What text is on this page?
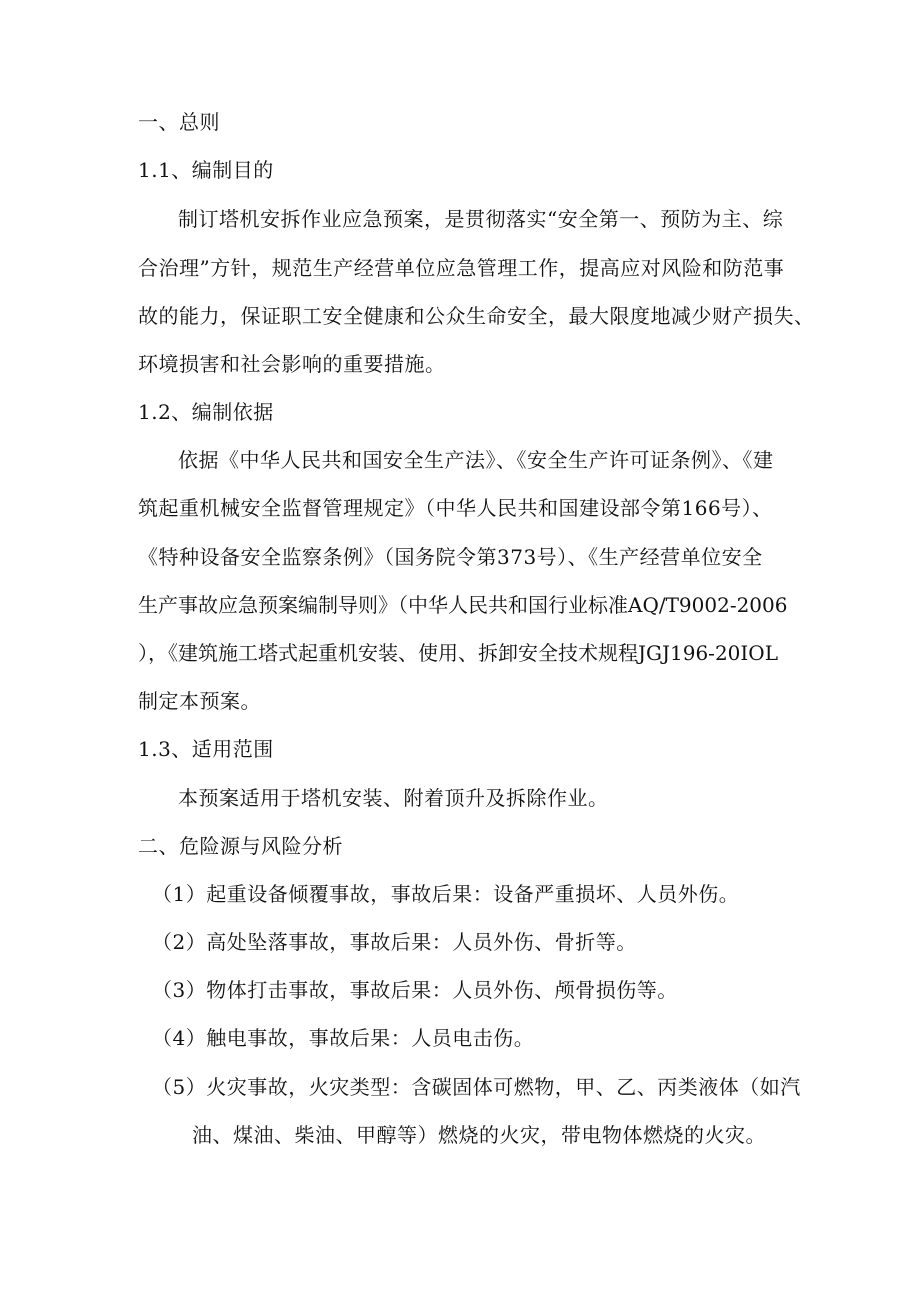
一、总则
1.1、编制目的
制订塔机安拆作业应急预案，是贯彻落实“安全第一、预防为主、综
合治理”方针，规范生产经营单位应急管理工作，提高应对风险和防范事
故的能力，保证职工安全健康和公众生命安全，最大限度地减少财产损失、
环境损害和社会影响的重要措施。
1.2、编制依据
依据《中华人民共和国安全生产法》、《安全生产许可证条例》、《建
筑起重机械安全监督管理规定》（中华人民共和国建设部令第166号）、
《特种设备安全监察条例》（国务院令第373号）、《生产经营单位安全
生产事故应急预案编制导则》（中华人民共和国行业标准AQ/T9002-2006
），《建筑施工塔式起重机安装、使用、拆卸安全技术规程JGJ196-20IOL
制定本预案。
1.3、适用范围
本预案适用于塔机安装、附着顶升及拆除作业。
二、危险源与风险分析
（1）起重设备倾覆事故，事故后果：设备严重损坏、人员外伤。
（2）高处坠落事故，事故后果：人员外伤、骨折等。
（3）物体打击事故，事故后果：人员外伤、颅骨损伤等。
（4）触电事故，事故后果：人员电击伤。
（5）火灾事故，火灾类型：含碳固体可燃物，甲、乙、丙类液体（如汽
油、煤油、柴油、甲醇等）燃烧的火灾，带电物体燃烧的火灾。
